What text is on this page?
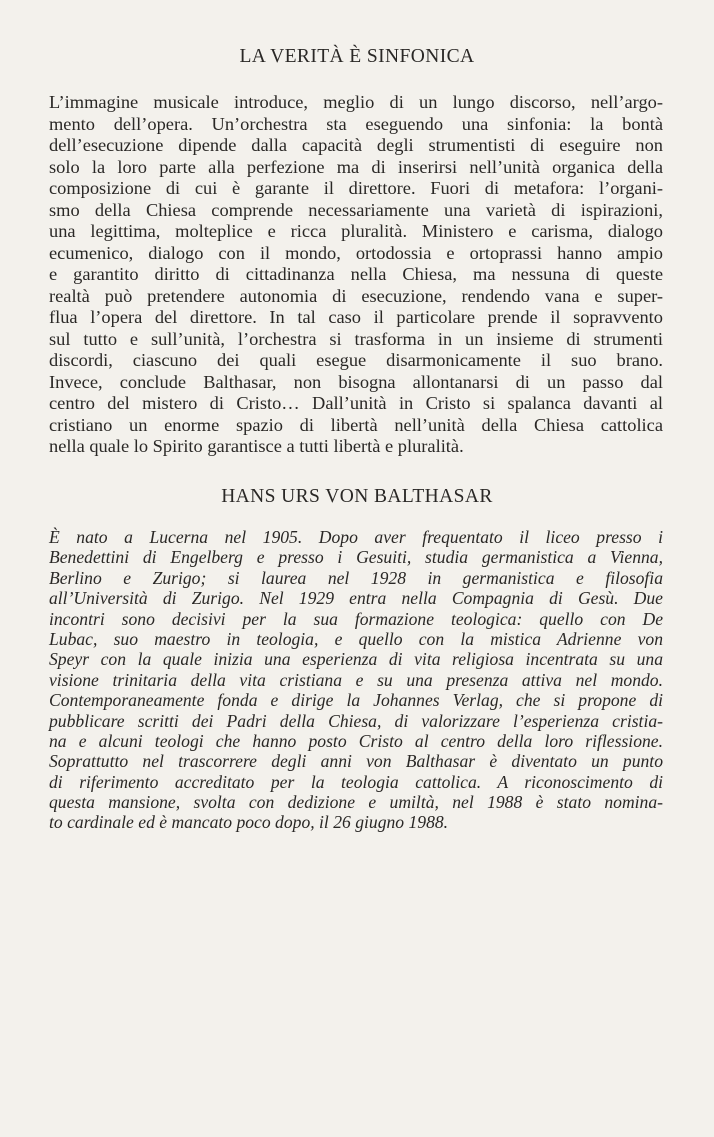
LA VERITÀ È SINFONICA
L’immagine musicale introduce, meglio di un lungo discorso, nell’argo-
mento dell’opera. Un’orchestra sta eseguendo una sinfonia: la bontà
dell’esecuzione dipende dalla capacità degli strumentisti di eseguire non
solo la loro parte alla perfezione ma di inserirsi nell’unità organica della
composizione di cui è garante il direttore. Fuori di metafora: l’organi-
smo della Chiesa comprende necessariamente una varietà di ispirazioni,
una legittima, molteplice e ricca pluralità. Ministero e carisma, dialogo
ecumenico, dialogo con il mondo, ortodossia e ortoprassi hanno ampio
e garantito diritto di cittadinanza nella Chiesa, ma nessuna di queste
realtà può pretendere autonomia di esecuzione, rendendo vana e super-
flua l’opera del direttore. In tal caso il particolare prende il sopravvento
sul tutto e sull’unità, l’orchestra si trasforma in un insieme di strumenti
discordi, ciascuno dei quali esegue disarmonicamente il suo brano.
Invece, conclude Balthasar, non bisogna allontanarsi di un passo dal
centro del mistero di Cristo… Dall’unità in Cristo si spalanca davanti al
cristiano un enorme spazio di libertà nell’unità della Chiesa cattolica
nella quale lo Spirito garantisce a tutti libertà e pluralità.
HANS URS VON BALTHASAR
È nato a Lucerna nel 1905. Dopo aver frequentato il liceo presso i
Benedettini di Engelberg e presso i Gesuiti, studia germanistica a Vienna,
Berlino e Zurigo; si laurea nel 1928 in germanistica e filosofia
all’Università di Zurigo. Nel 1929 entra nella Compagnia di Gesù. Due
incontri sono decisivi per la sua formazione teologica: quello con De
Lubac, suo maestro in teologia, e quello con la mistica Adrienne von
Speyr con la quale inizia una esperienza di vita religiosa incentrata su una
visione trinitaria della vita cristiana e su una presenza attiva nel mondo.
Contemporaneamente fonda e dirige la Johannes Verlag, che si propone di
pubblicare scritti dei Padri della Chiesa, di valorizzare l’esperienza cristia-
na e alcuni teologi che hanno posto Cristo al centro della loro riflessione.
Soprattutto nel trascorrere degli anni von Balthasar è diventato un punto
di riferimento accreditato per la teologia cattolica. A riconoscimento di
questa mansione, svolta con dedizione e umiltà, nel 1988 è stato nomina-
to cardinale ed è mancato poco dopo, il 26 giugno 1988.
